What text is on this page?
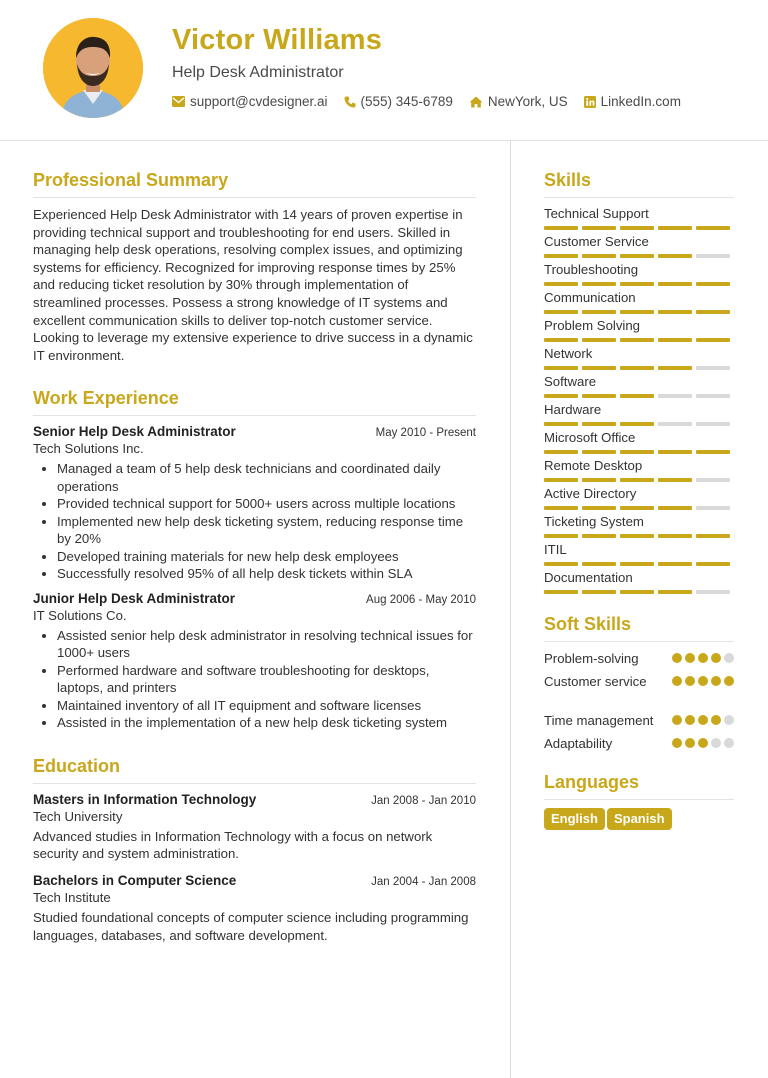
Victor Williams
Help Desk Administrator
support@cvdesigner.ai (555) 345-6789	NewYork, US LinkedIn.com
Professional Summary
Experienced Help Desk Administrator with 14 years of proven expertise in providing technical support and troubleshooting for end users. Skilled in managing help desk operations, resolving complex issues, and optimizing systems for efficiency. Recognized for improving response times by 25% and reducing ticket resolution by 30% through implementation of streamlined processes. Possess a strong knowledge of IT systems and excellent communication skills to deliver top-notch customer service. Looking to leverage my extensive experience to drive success in a dynamic IT environment.
Work Experience
Senior Help Desk Administrator	May 2010 - Present
Tech Solutions Inc.
• Managed a team of 5 help desk technicians and coordinated daily operations
• Provided technical support for 5000+ users across multiple locations
• Implemented new help desk ticketing system, reducing response time by 20%
• Developed training materials for new help desk employees
• Successfully resolved 95% of all help desk tickets within SLA
Junior Help Desk Administrator	Aug 2006 - May 2010
IT Solutions Co.
• Assisted senior help desk administrator in resolving technical issues for 1000+ users
• Performed hardware and software troubleshooting for desktops, laptops, and printers
• Maintained inventory of all IT equipment and software licenses
• Assisted in the implementation of a new help desk ticketing system
Education
Masters in Information Technology	Jan 2008 - Jan 2010
Tech University
Advanced studies in Information Technology with a focus on network security and system administration.
Bachelors in Computer Science	Jan 2004 - Jan 2008
Tech Institute
Studied foundational concepts of computer science including programming languages, databases, and software development.
Skills
Technical Support
Customer Service
Troubleshooting
Communication
Problem Solving
Network
Software
Hardware
Microsoft Office
Remote Desktop
Active Directory
Ticketing System
ITIL
Documentation
Soft Skills
Problem-solving
Customer service
Time management
Adaptability
Languages
English Spanish
